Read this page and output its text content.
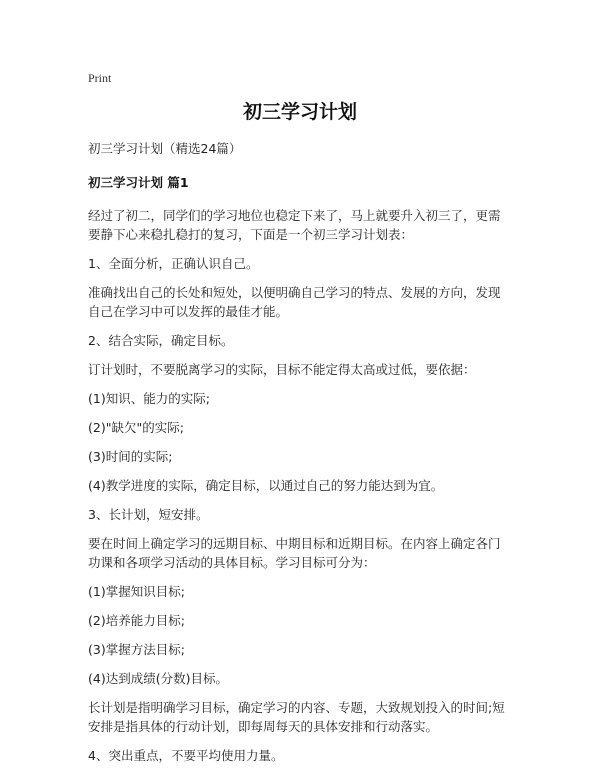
Print
初三学习计划
初三学习计划（精选24篇）
初三学习计划 篇1

经过了初二，同学们的学习地位也稳定下来了，马上就要升入初三了，更需要静下心来稳扎稳打的复习，下面是一个初三学习计划表：

1、全面分析，正确认识自己。

准确找出自己的长处和短处，以便明确自己学习的特点、发展的方向，发现自己在学习中可以发挥的最佳才能。

2、结合实际，确定目标。

订计划时，不要脱离学习的实际，目标不能定得太高或过低，要依据：

(1)知识、能力的实际;

(2)"缺欠"的实际;

(3)时间的实际;

(4)教学进度的实际，确定目标，以通过自己的努力能达到为宜。

3、长计划，短安排。

要在时间上确定学习的远期目标、中期目标和近期目标。在内容上确定各门功课和各项学习活动的具体目标。学习目标可分为：

(1)掌握知识目标;

(2)培养能力目标;

(3)掌握方法目标;

(4)达到成绩(分数)目标。

长计划是指明确学习目标，确定学习的内容、专题，大致规划投入的时间;短安排是指具体的行动计划，即每周每天的具体安排和行动落实。

4、突出重点，不要平均使用力量。
